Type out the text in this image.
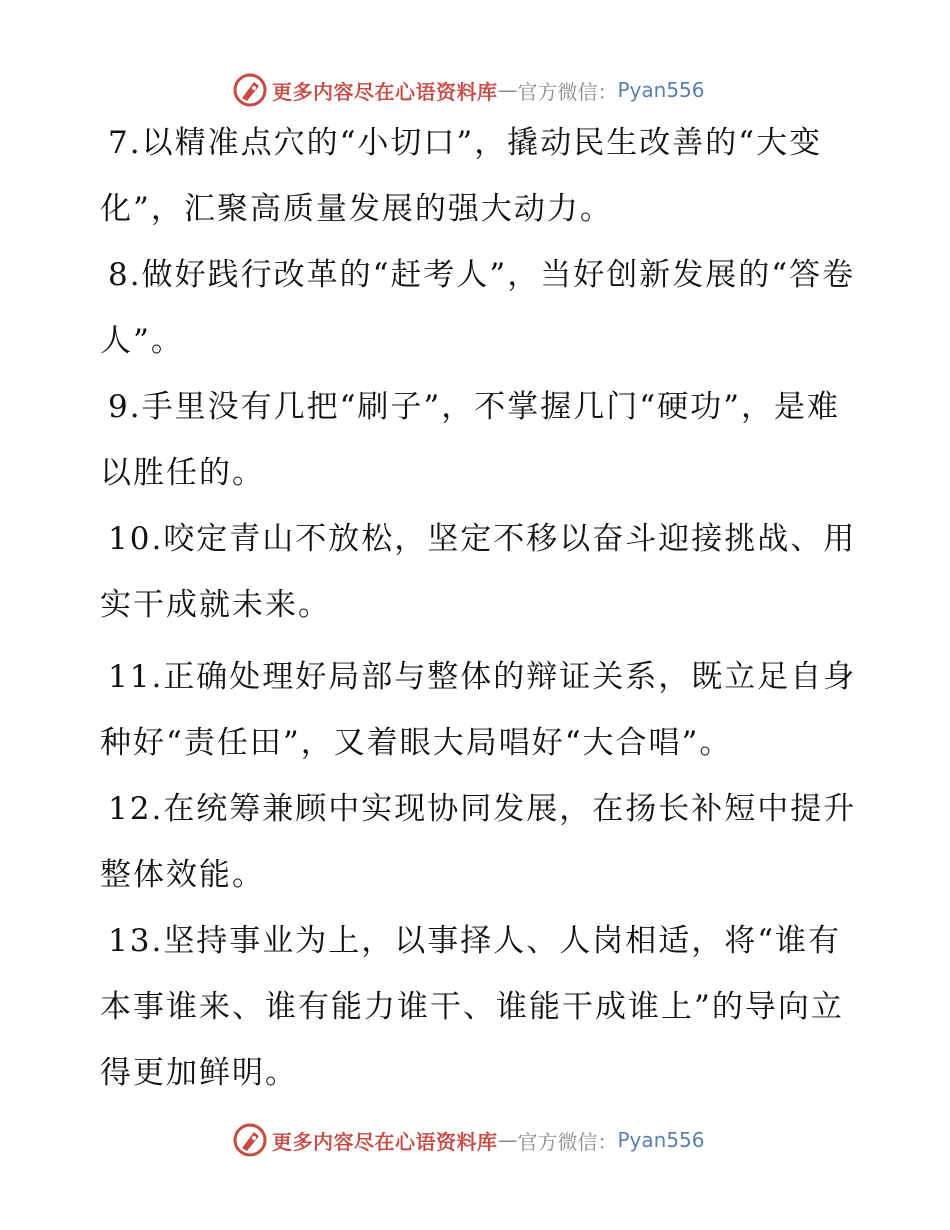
更多内容尽在心语资料库 — 官方微信： Pyan556
7.以精准点穴的“小切口”，撬动民生改善的“大变化”，汇聚高质量发展的强大动力。
8.做好践行改革的“赶考人”，当好创新发展的“答卷人”。
9.手里没有几把“刷子”，不掌握几门“硬功”，是难以胜任的。
10.咬定青山不放松，坚定不移以奋斗迎接挑战、用实干成就未来。
11.正确处理好局部与整体的辩证关系，既立足自身种好“责任田”，又着眼大局唱好“大合唱”。
12.在统筹兼顾中实现协同发展，在扬长补短中提升整体效能。
13.坚持事业为上，以事择人、人岗相适，将“谁有本事谁来、谁有能力谁干、谁能干成谁上”的导向立得更加鲜明。
更多内容尽在心语资料库 — 官方微信： Pyan556
